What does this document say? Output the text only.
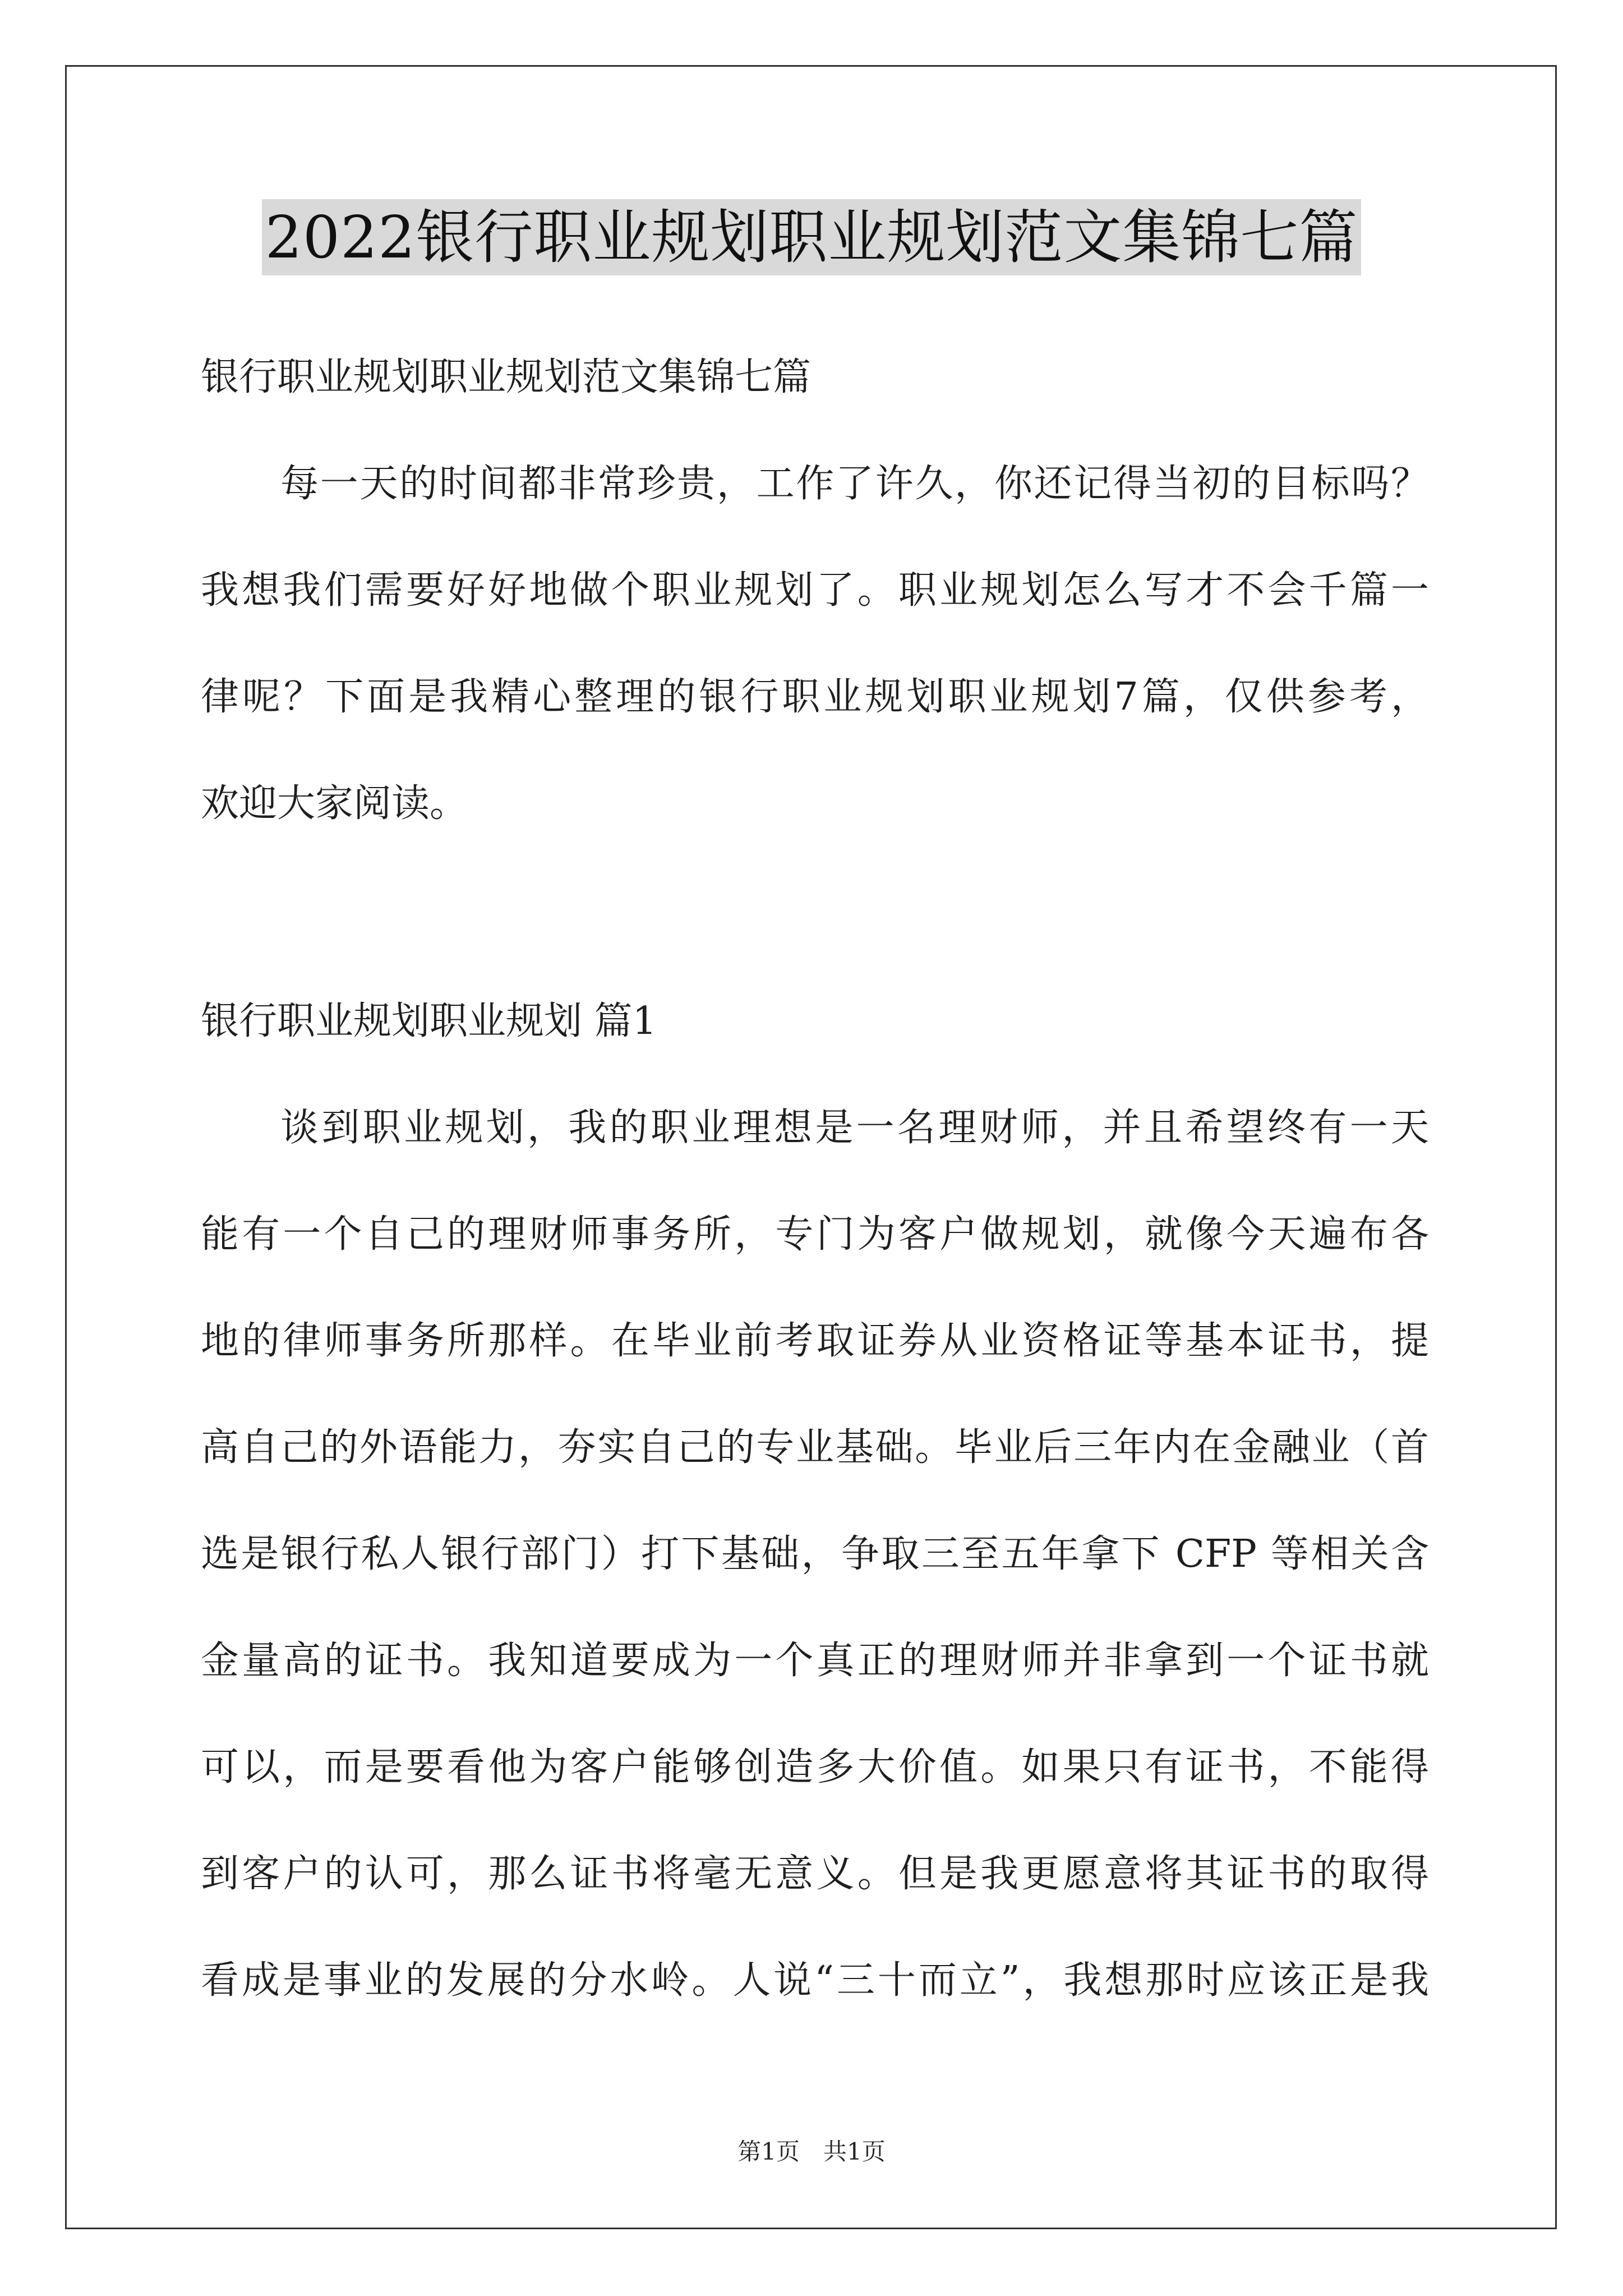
2022银行职业规划职业规划范文集锦七篇
银行职业规划职业规划范文集锦七篇
每一天的时间都非常珍贵，工作了许久，你还记得当初的目标吗？
我想我们需要好好地做个职业规划了。职业规划怎么写才不会千篇一
律呢？下面是我精心整理的银行职业规划职业规划7篇，仅供参考，
欢迎大家阅读。
银行职业规划职业规划 篇1
谈到职业规划，我的职业理想是一名理财师，并且希望终有一天
能有一个自己的理财师事务所，专门为客户做规划，就像今天遍布各
地的律师事务所那样。在毕业前考取证券从业资格证等基本证书，提
高自己的外语能力，夯实自己的专业基础。毕业后三年内在金融业（首
选是银行私人银行部门）打下基础，争取三至五年拿下 CFP 等相关含
金量高的证书。我知道要成为一个真正的理财师并非拿到一个证书就
可以，而是要看他为客户能够创造多大价值。如果只有证书，不能得
到客户的认可，那么证书将毫无意义。但是我更愿意将其证书的取得
看成是事业的发展的分水岭。人说“三十而立”，我想那时应该正是我
第1页　共1页
